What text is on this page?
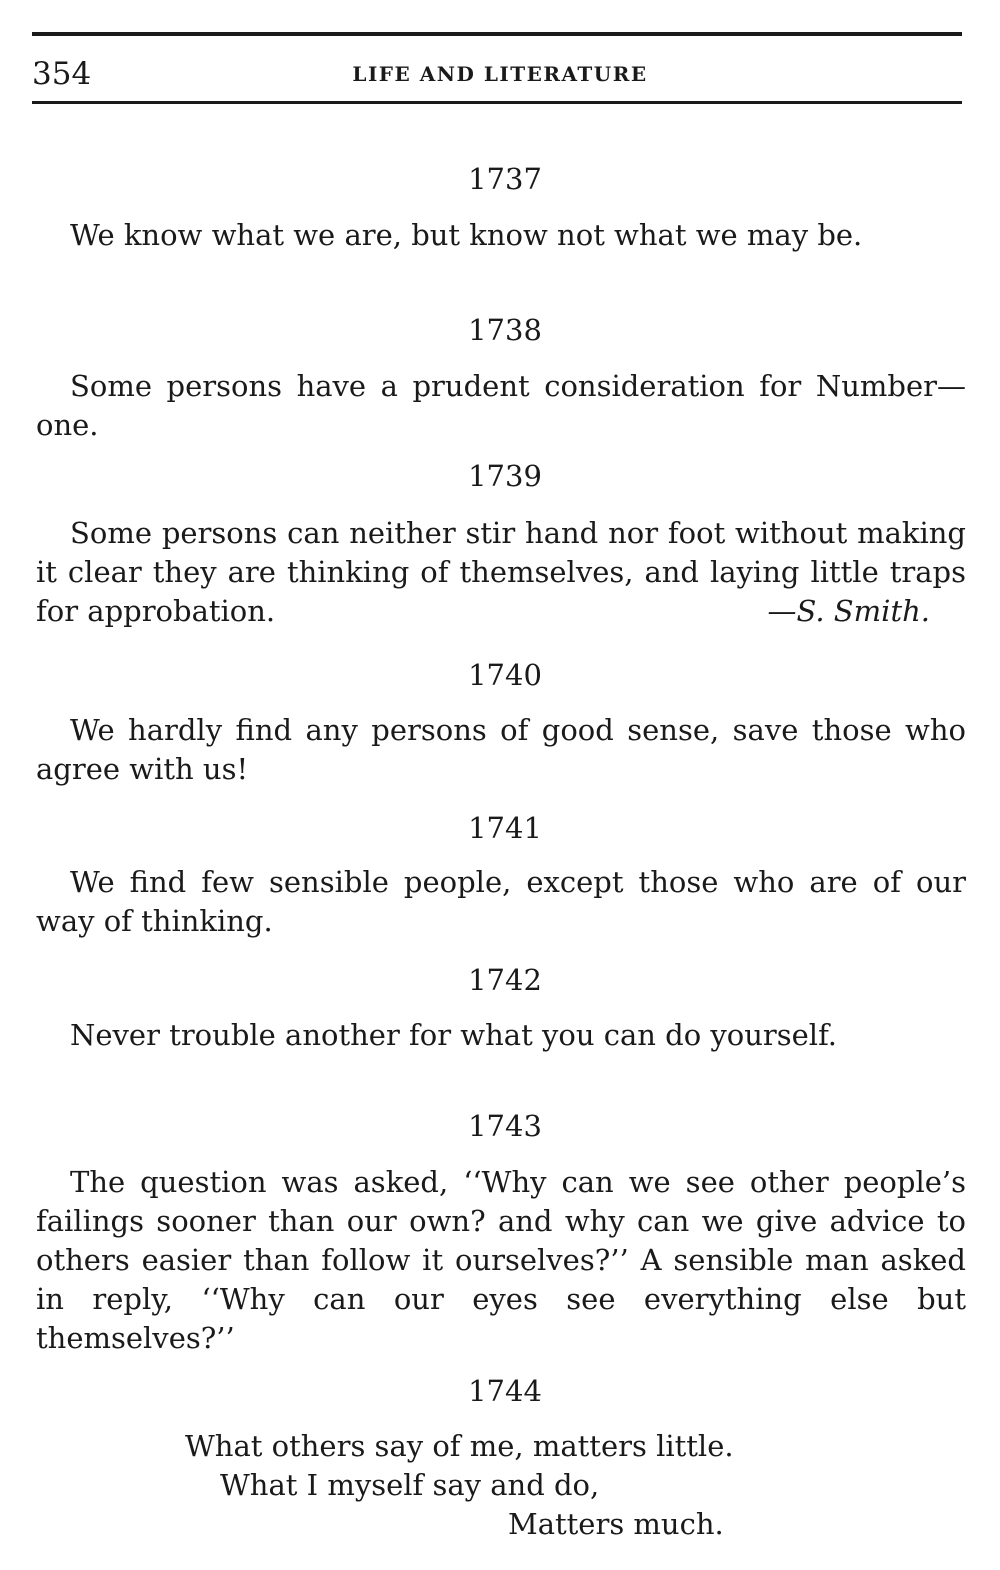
354	LIFE AND LITERATURE
1737

We know what we are, but know not what we may be.

1738

Some persons have a prudent consideration for Number—one.

1739

Some persons can neither stir hand nor foot without making it clear they are thinking of themselves, and laying little traps for approbation.	—S. Smith.
1740

We hardly find any persons of good sense, save those who agree with us!

1741

We find few sensible people, except those who are of our way of thinking.

1742

Never trouble another for what you can do yourself.

1743

The question was asked, ‘‘Why can we see other people’s failings sooner than our own? and why can we give advice to others easier than follow it ourselves?’’ A sensible man asked in reply, ‘‘Why can our eyes see everything else but themselves?’’

1744
What others say of me, matters little.
What I myself say and do,
Matters much.
